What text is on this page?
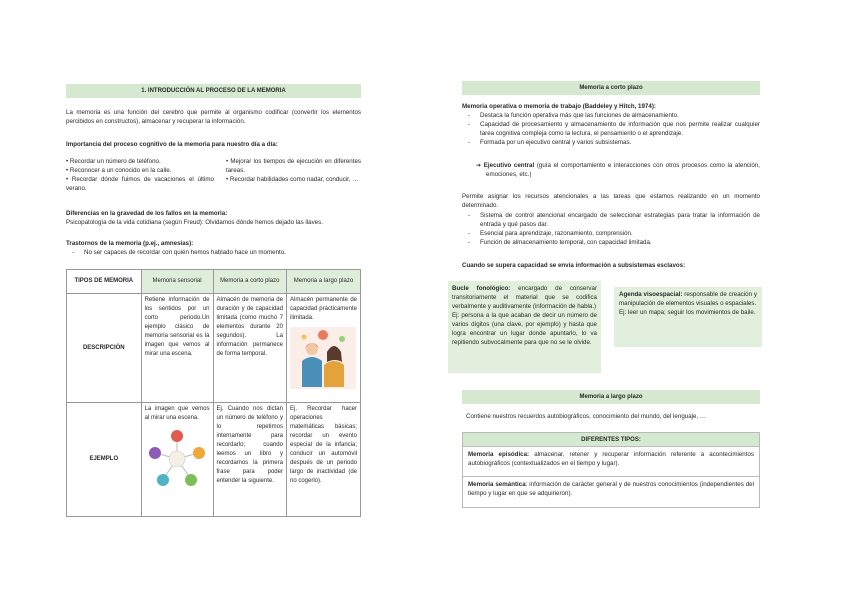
1. INTRODUCCIÓN AL PROCESO DE LA MEMORIA
La memoria es una función del cerebro que permite al organismo codificar (convertir los elementos percibidos en constructos), almacenar y recuperar la información.
Importancia del proceso cognitivo de la memoria para nuestro día a día:
• Recordar un número de teléfono.
• Reconocer a un conocido en la calle.
• Recordar dónde fuimos de vacaciones el último verano.
• Mejorar los tiempos de ejecución en diferentes tareas.
• Recordar habilidades como nadar, conducir, …
Diferencias en la gravedad de los fallos en la memoria:
Psicopatología de la vida cotidiana (según Freud): Olvidamos dónde hemos dejado las llaves.
Trastornos de la memoria (p.ej., amnesias):
- No ser capaces de recordar con quién hemos hablado hace un momento.
TIPOS DE MEMORIA	Memoria sensorial	Memoria a corto plazo	Memoria a largo plazo
DESCRIPCIÓN	Retiene información de los sentidos por un corto periodo.Un ejemplo clásico de memoria sensorial es la imagen que vemos al mirar una escena.	Almacén de memoria de duración y de capacidad limitada (como mucho 7 elementos durante 20 segundos). La información permanece de forma temporal.	Almacén permanente de capacidad prácticamente ilimitada.

EJEMPLO	La imagen que vemos al mirar una escena.	Ej. Cuando nos dictan un número de teléfono y lo repetimos internamente para recordarlo; cuando leemos un libro y recordamos la primera frase para poder entender la siguiente.	Ej. Recordar hacer operaciones matemáticas básicas; recordar un evento especial de la infancia; conducir un automóvil después de un periodo largo de inactividad (de no cogerlo).
Memoria a corto plazo
Memoria operativa o memoria de trabajo (Baddeley y Hitch, 1974):
- Destaca la función operativa más que las funciones de almacenamiento.
- Capacidad de procesamiento y almacenamiento de información que nos permite realizar cualquier tarea cognitiva compleja como la lectura, el pensamiento o el aprendizaje.
- Formada por un ejecutivo central y varios subsistemas.
➔ Ejecutivo central (guía el comportamiento e interacciones con otros procesos como la atención, emociones, etc.)
Permite asignar los recursos atencionales a las tareas que estamos realizando en un momento determinado.
- Sistema de control atencional encargado de seleccionar estrategias para tratar la información de entrada y qué pasos dar.
- Esencial para aprendizaje, razonamiento, comprensión.
- Función de almacenamiento temporal, con capacidad limitada.
Cuando se supera capacidad se envía información a subsistemas esclavos:
Bucle fonológico: encargado de conservar transitoriamente el material que se codifica verbalmente y auditivamente (información de habla.)
Ej: persona a la que acaban de decir un número de varios dígitos (una clave, por ejemplo) y hasta que logra encontrar un lugar donde apuntarlo, lo va repitiendo subvocalmente para que no se le olvide.
Agenda visoespacial: responsable de creación y manipulación de elementos visuales o espaciales.
Ej: leer un mapa; seguir los movimientos de baile.
Memoria a largo plazo
Contiene nuestros recuerdos autobiográficos, conocimiento del mundo, del lenguaje, …
DIFERENTES TIPOS:
Memoria episódica: almacenar, retener y recuperar información referente a acontecimientos autobiográficos (contextualizados en el tiempo y lugar).
Memoria semántica: información de carácter general y de nuestros conocimientos (independientes del tiempo y lugar en que se adquirieron).
